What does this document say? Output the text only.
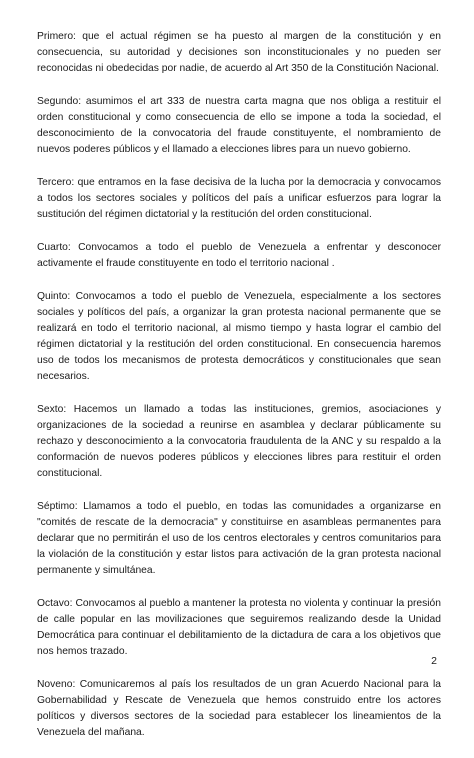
Primero: que el actual régimen se ha puesto al margen de la constitución y en consecuencia, su autoridad y decisiones son inconstitucionales y no pueden ser reconocidas ni obedecidas por nadie, de acuerdo al Art 350 de la Constitución Nacional.

Segundo: asumimos el art 333 de nuestra carta magna que nos obliga a restituir el orden constitucional y como consecuencia de ello se impone a toda la sociedad, el desconocimiento de la convocatoria del fraude constituyente, el nombramiento de nuevos poderes públicos y el llamado a elecciones libres para un nuevo gobierno.

Tercero: que entramos en la fase decisiva de la lucha por la democracia y convocamos a todos los sectores sociales y políticos del país a unificar esfuerzos para lograr la sustitución del régimen dictatorial y la restitución del orden constitucional.

Cuarto: Convocamos a todo el pueblo de Venezuela a enfrentar y desconocer activamente el fraude constituyente en todo el territorio nacional .

Quinto: Convocamos a todo el pueblo de Venezuela, especialmente a los sectores sociales y políticos del país, a organizar la gran protesta nacional permanente que se realizará en todo el territorio nacional, al mismo tiempo y hasta lograr el cambio del régimen dictatorial y la restitución del orden constitucional. En consecuencia haremos uso de todos los mecanismos de protesta democráticos y constitucionales que sean necesarios.

Sexto: Hacemos un llamado a todas las instituciones, gremios, asociaciones y organizaciones de la sociedad a reunirse en asamblea y declarar públicamente su rechazo y desconocimiento a la convocatoria fraudulenta de la ANC y su respaldo a la conformación de nuevos poderes públicos y elecciones libres para restituir el orden constitucional.

Séptimo: Llamamos a todo el pueblo, en todas las comunidades a organizarse en "comités de rescate de la democracia" y constituirse en asambleas permanentes para declarar que no permitirán el uso de los centros electorales y centros comunitarios para la violación de la constitución y estar listos para activación de la gran protesta nacional permanente y simultánea.

Octavo: Convocamos al pueblo a mantener la protesta no violenta y continuar la presión de calle popular en las movilizaciones que seguiremos realizando desde la Unidad Democrática para continuar el debilitamiento de la dictadura de cara a los objetivos que nos hemos trazado.

Noveno: Comunicaremos al país los resultados de un gran Acuerdo Nacional para la Gobernabilidad y Rescate de Venezuela que hemos construido entre los actores políticos y diversos sectores de la sociedad para establecer los lineamientos de la Venezuela del mañana.

2
